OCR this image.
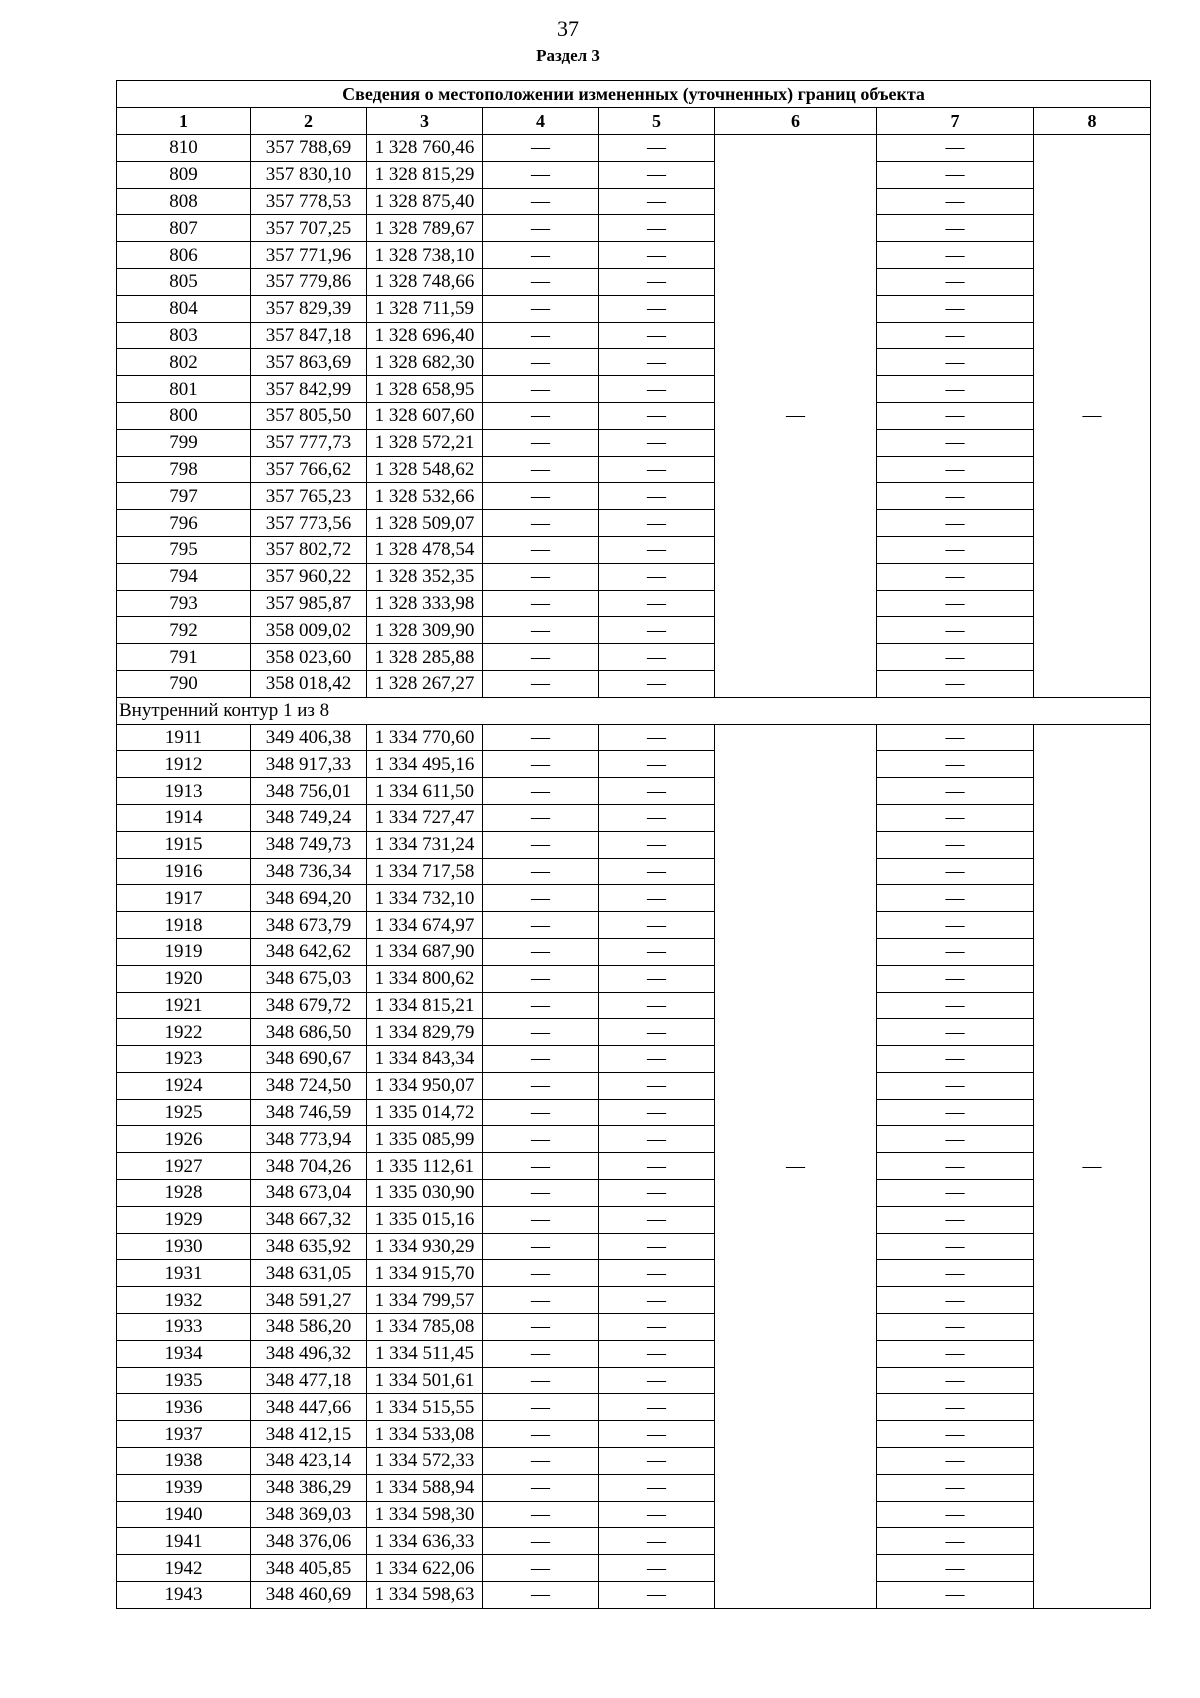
37
Раздел 3
Сведения о местоположении измененных (уточненных) границ объекта							
1	2	3	4	5	6	7	8
810	357 788,69	1 328 760,46	—	—	—	—	—
809	357 830,10	1 328 815,29	—	—		—	
808	357 778,53	1 328 875,40	—	—		—	
807	357 707,25	1 328 789,67	—	—		—	
806	357 771,96	1 328 738,10	—	—		—	
805	357 779,86	1 328 748,66	—	—		—	
804	357 829,39	1 328 711,59	—	—		—	
803	357 847,18	1 328 696,40	—	—		—	
802	357 863,69	1 328 682,30	—	—		—	
801	357 842,99	1 328 658,95	—	—		—	
800	357 805,50	1 328 607,60	—	—		—	
799	357 777,73	1 328 572,21	—	—		—	
798	357 766,62	1 328 548,62	—	—		—	
797	357 765,23	1 328 532,66	—	—		—	
796	357 773,56	1 328 509,07	—	—		—	
795	357 802,72	1 328 478,54	—	—		—	
794	357 960,22	1 328 352,35	—	—		—	
793	357 985,87	1 328 333,98	—	—		—	
792	358 009,02	1 328 309,90	—	—		—	
791	358 023,60	1 328 285,88	—	—		—	
790	358 018,42	1 328 267,27	—	—		—	
Внутренний контур 1 из 8							
1911	349 406,38	1 334 770,60	—	—	—	—	—
1912	348 917,33	1 334 495,16	—	—		—	
1913	348 756,01	1 334 611,50	—	—		—	
1914	348 749,24	1 334 727,47	—	—		—	
1915	348 749,73	1 334 731,24	—	—		—	
1916	348 736,34	1 334 717,58	—	—		—	
1917	348 694,20	1 334 732,10	—	—		—	
1918	348 673,79	1 334 674,97	—	—		—	
1919	348 642,62	1 334 687,90	—	—		—	
1920	348 675,03	1 334 800,62	—	—		—	
1921	348 679,72	1 334 815,21	—	—		—	
1922	348 686,50	1 334 829,79	—	—		—	
1923	348 690,67	1 334 843,34	—	—		—	
1924	348 724,50	1 334 950,07	—	—		—	
1925	348 746,59	1 335 014,72	—	—		—	
1926	348 773,94	1 335 085,99	—	—		—	
1927	348 704,26	1 335 112,61	—	—		—	
1928	348 673,04	1 335 030,90	—	—		—	
1929	348 667,32	1 335 015,16	—	—		—	
1930	348 635,92	1 334 930,29	—	—		—	
1931	348 631,05	1 334 915,70	—	—		—	
1932	348 591,27	1 334 799,57	—	—		—	
1933	348 586,20	1 334 785,08	—	—		—	
1934	348 496,32	1 334 511,45	—	—		—	
1935	348 477,18	1 334 501,61	—	—		—	
1936	348 447,66	1 334 515,55	—	—		—	
1937	348 412,15	1 334 533,08	—	—		—	
1938	348 423,14	1 334 572,33	—	—		—	
1939	348 386,29	1 334 588,94	—	—		—	
1940	348 369,03	1 334 598,30	—	—		—	
1941	348 376,06	1 334 636,33	—	—		—	
1942	348 405,85	1 334 622,06	—	—		—	
1943	348 460,69	1 334 598,63	—	—		—	
